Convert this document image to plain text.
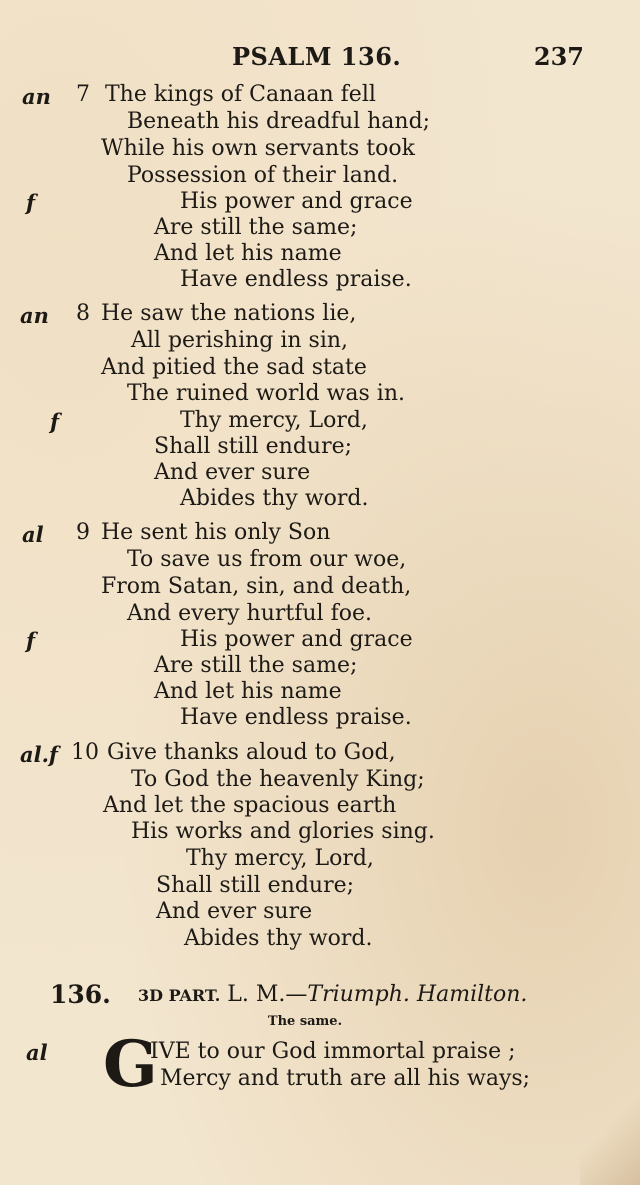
PSALM 136.	237
an 7 The kings of Canaan fell
Beneath his dreadful hand;
While his own servants took
Possession of their land.
f	His power and grace
Are still the same;
And let his name
Have endless praise.
an 8 He saw the nations lie,
All perishing in sin,
And pitied the sad state
The ruined world was in.
f	Thy mercy, Lord,
Shall still endure;
And ever sure
Abides thy word.
al 9 He sent his only Son
To save us from our woe,
From Satan, sin, and death,
And every hurtful foe.
f	His power and grace
Are still the same;
And let his name
Have endless praise.
al.f 10 Give thanks aloud to God,
To God the heavenly King;
And let the spacious earth
His works and glories sing.
Thy mercy, Lord,
Shall still endure;
And ever sure
Abides thy word.
136. 3D PART. L. M.—Triumph. Hamilton.
The same.
al G
IVE to our God immortal praise ;
Mercy and truth are all his ways;
